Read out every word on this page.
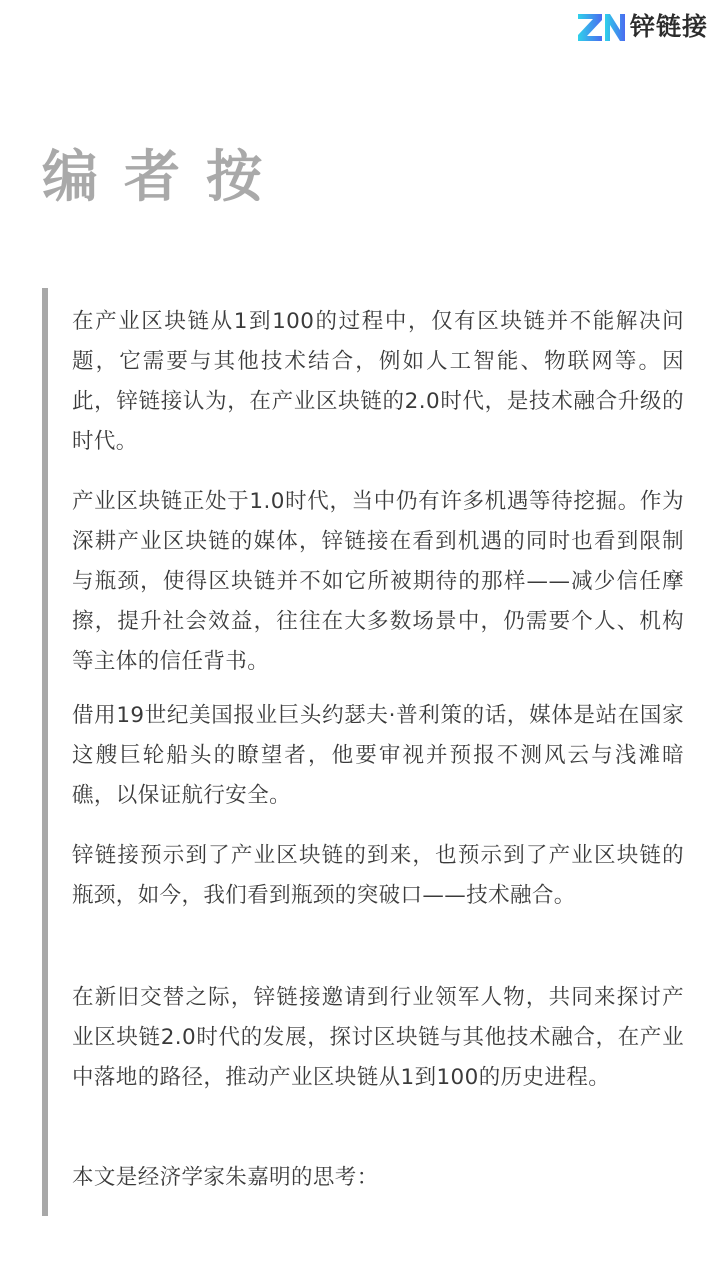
锌链接
编者按

在产业区块链从1到100的过程中，仅有区块链并不能解决问题，它需要与其他技术结合，例如人工智能、物联网等。因此，锌链接认为，在产业区块链的2.0时代，是技术融合升级的时代。

产业区块链正处于1.0时代，当中仍有许多机遇等待挖掘。作为深耕产业区块链的媒体，锌链接在看到机遇的同时也看到限制与瓶颈，使得区块链并不如它所被期待的那样——减少信任摩擦，提升社会效益，往往在大多数场景中，仍需要个人、机构等主体的信任背书。

借用19世纪美国报业巨头约瑟夫·普利策的话，媒体是站在国家这艘巨轮船头的瞭望者，他要审视并预报不测风云与浅滩暗礁，以保证航行安全。

锌链接预示到了产业区块链的到来，也预示到了产业区块链的瓶颈，如今，我们看到瓶颈的突破口——技术融合。

在新旧交替之际，锌链接邀请到行业领军人物，共同来探讨产业区块链2.0时代的发展，探讨区块链与其他技术融合，在产业中落地的路径，推动产业区块链从1到100的历史进程。

本文是经济学家朱嘉明的思考：
